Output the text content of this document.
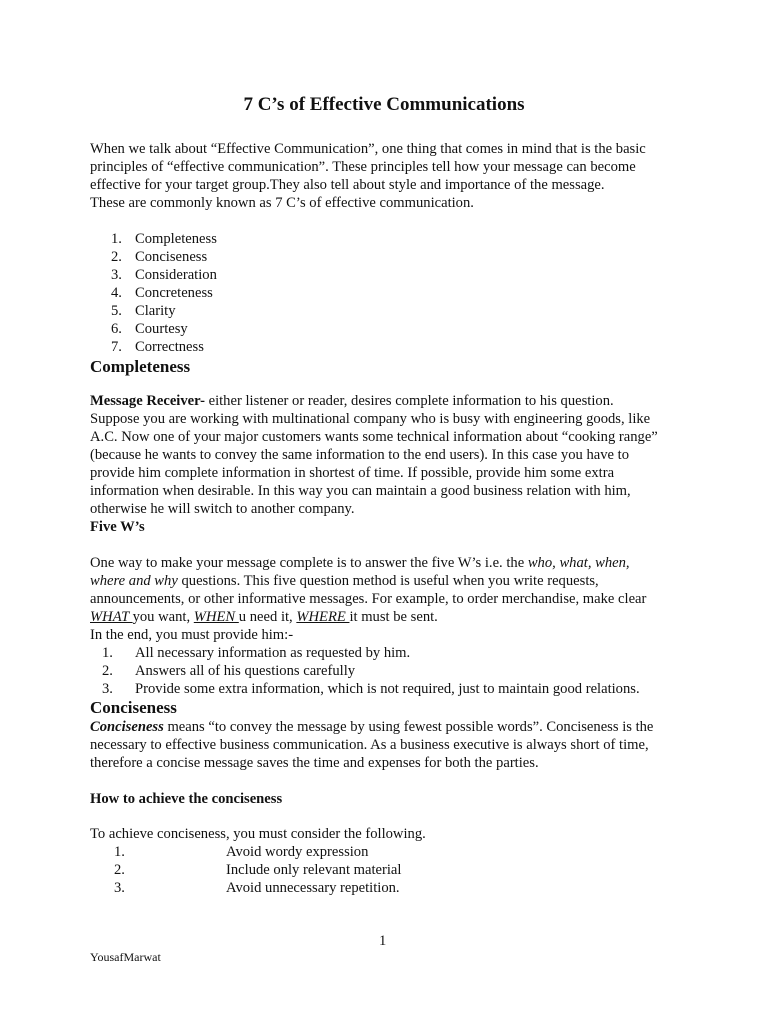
7 C’s of Effective Communications

When we talk about “Effective Communication”, one thing that comes in mind that is the basic

principles of “effective communication”. These principles tell how your message can become

effective for your target group.They also tell about style and importance of the message.

These are commonly known as 7 C’s of effective communication.

1. Completeness
2. Conciseness
3. Consideration
4. Concreteness
5. Clarity
6. Courtesy
7. Correctness
Completeness

Message Receiver- either listener or reader, desires complete information to his question.

Suppose you are working with multinational company who is busy with engineering goods, like

A.C. Now one of your major customers wants some technical information about “cooking range”

(because he wants to convey the same information to the end users). In this case you have to

provide him complete information in shortest of time. If possible, provide him some extra

information when desirable. In this way you can maintain a good business relation with him,

otherwise he will switch to another company.

Five W’s

One way to make your message complete is to answer the five W’s i.e. the who, what, when,

where and why questions. This five question method is useful when you write requests,

announcements, or other informative messages. For example, to order merchandise, make clear

WHAT you want, WHEN u need it, WHERE it must be sent.

In the end, you must provide him:-

1. All necessary information as requested by him.
2. Answers all of his questions carefully
3. Provide some extra information, which is not required, just to maintain good relations.
Conciseness

Conciseness means “to convey the message by using fewest possible words”. Conciseness is the

necessary to effective business communication. As a business executive is always short of time,

therefore a concise message saves the time and expenses for both the parties.

How to achieve the conciseness

To achieve conciseness, you must consider the following.

1.	Avoid wordy expression
2.	Include only relevant material
3.	Avoid unnecessary repetition.
1
YousafMarwat
